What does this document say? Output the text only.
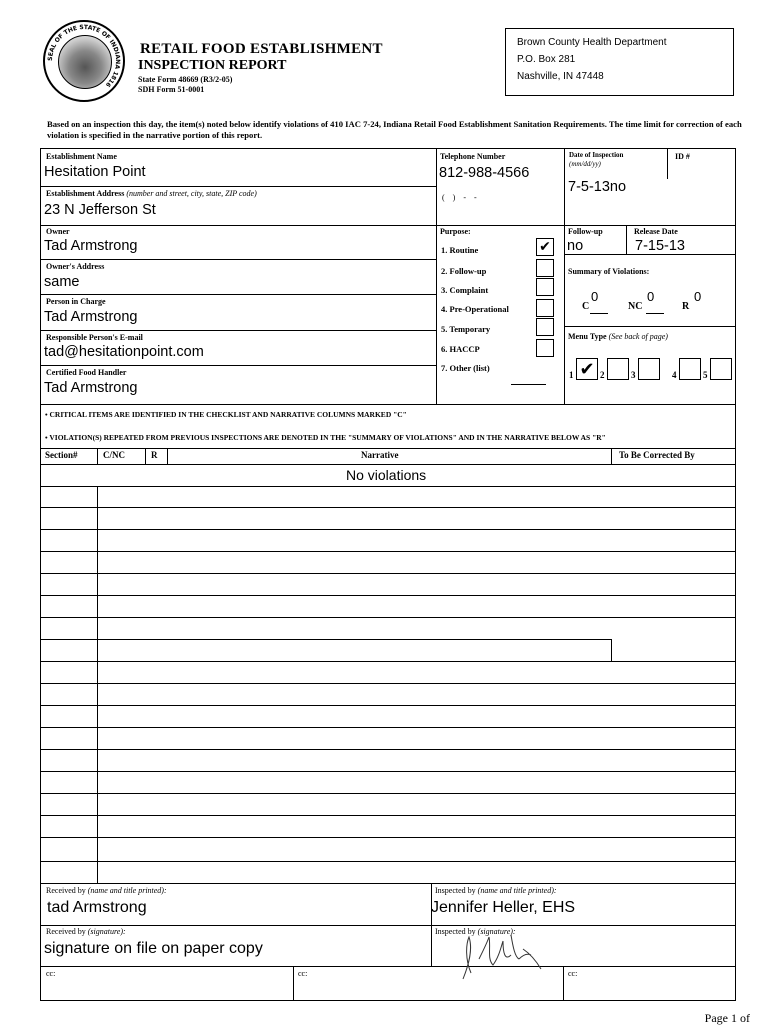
SEAL OF THE STATE OF INDIANA 1816
RETAIL FOOD ESTABLISHMENT
INSPECTION REPORT
State Form 48669 (R3/2-05)
SDH Form 51-0001
Brown County Health Department
P.O. Box 281
Nashville, IN 47448
Based on an inspection this day, the item(s) noted below identify violations of 410 IAC 7-24, Indiana Retail Food Establishment Sanitation Requirements. The time limit for correction of each violation is specified in the narrative portion of this report.
Establishment Name
Hesitation Point
Establishment Address (number and street, city, state, ZIP code)
23 N Jefferson St
Owner
Tad Armstrong
Owner's Address
same
Person in Charge
Tad Armstrong
Responsible Person's E-mail
tad@hesitationpoint.com
Certified Food Handler
Tad Armstrong
Telephone Number
812-988-4566
( ) - -
Date of Inspection
(mm/dd/yy)
7-5-13no
ID #
Purpose:
1. Routine	✔
2. Follow-up
3. Complaint
4. Pre-Operational
5. Temporary
6. HACCP
7. Other (list)
Follow-up
no
Release Date
7-15-13
Summary of Violations:
C
0
NC
0
R
0
Menu Type (See back of page)
1 ✔ 2	3	4	5
• CRITICAL ITEMS ARE IDENTIFIED IN THE CHECKLIST AND NARRATIVE COLUMNS MARKED "C"
• VIOLATION(S) REPEATED FROM PREVIOUS INSPECTIONS ARE DENOTED IN THE "SUMMARY OF VIOLATIONS" AND IN THE NARRATIVE BELOW AS "R"
Section#	C/NC	R	Narrative	To Be Corrected By
No violations
Received by (name and title printed):
tad Armstrong
Inspected by (name and title printed):
Jennifer Heller, EHS
Received by (signature):
signature on file on paper copy
Inspected by (signature):
cc:	cc:	cc:
Page 1 of
